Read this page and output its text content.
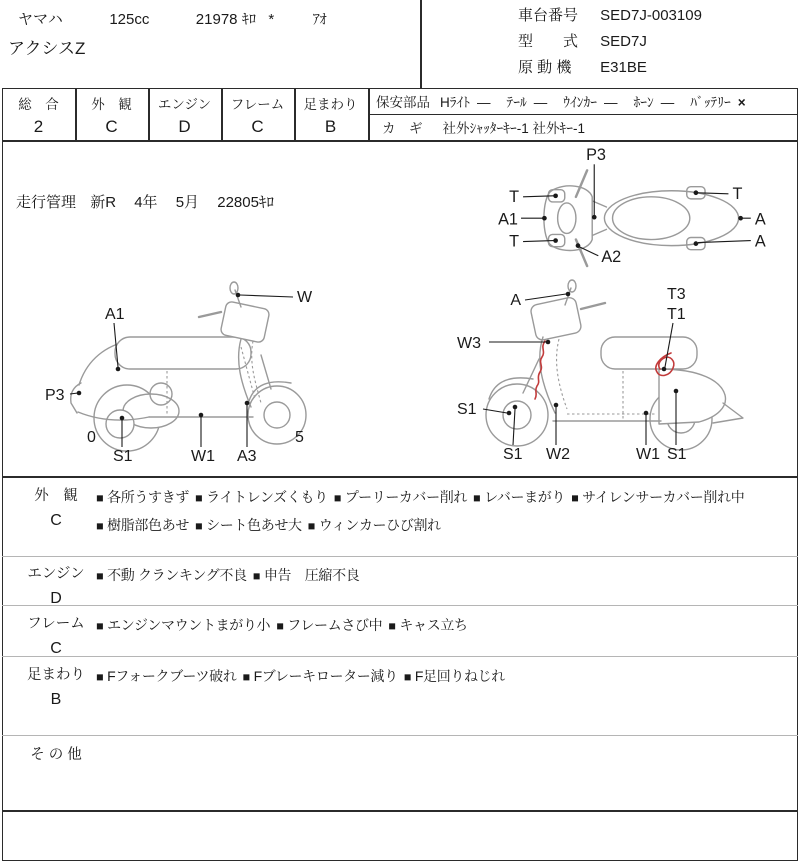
ヤマハ	125cc	21978 ｷﾛ *	ｱｵ
アクシスZ
車台番号 SED7J-003109
型　　式 SED7J
原 動 機 E31BE
総　合
2
外　観
C
エンジン
D
フレーム
C
足まわり
B
保安部品 Hﾗｲﾄ — ﾃｰﾙ — ｳｲﾝｶｰ — ﾎｰﾝ — ﾊﾞｯﾃﾘｰ ×
カ　ギ 社外ｼｬｯﾀｰｷｰ-1 社外ｷｰ-1
走行管理 新R 4年 5月 22805ｷﾛ
P3
T
A1
T
A2
T
A
A
W
A1
P3
0
S1	W1 A3
5
A
W3
T3
T1
S1
S1 W2	W1 S1
外　観
C
■ 各所うすきず ■ ライトレンズくもり ■ プーリーカバー削れ ■ レバーまがり ■ サイレンサーカバー削れ中■ 樹脂部色あせ ■ シート色あせ大 ■ ウィンカーひび割れ
エンジン
D
■ 不動 クランキング不良 ■ 申告　圧縮不良
フレーム
C
■ エンジンマウントまがり小 ■ フレームさび中 ■ キャス立ち
足まわり
B
■ Fフォークブーツ破れ ■ Fブレーキローター減り ■ F足回りねじれ
そ の 他
